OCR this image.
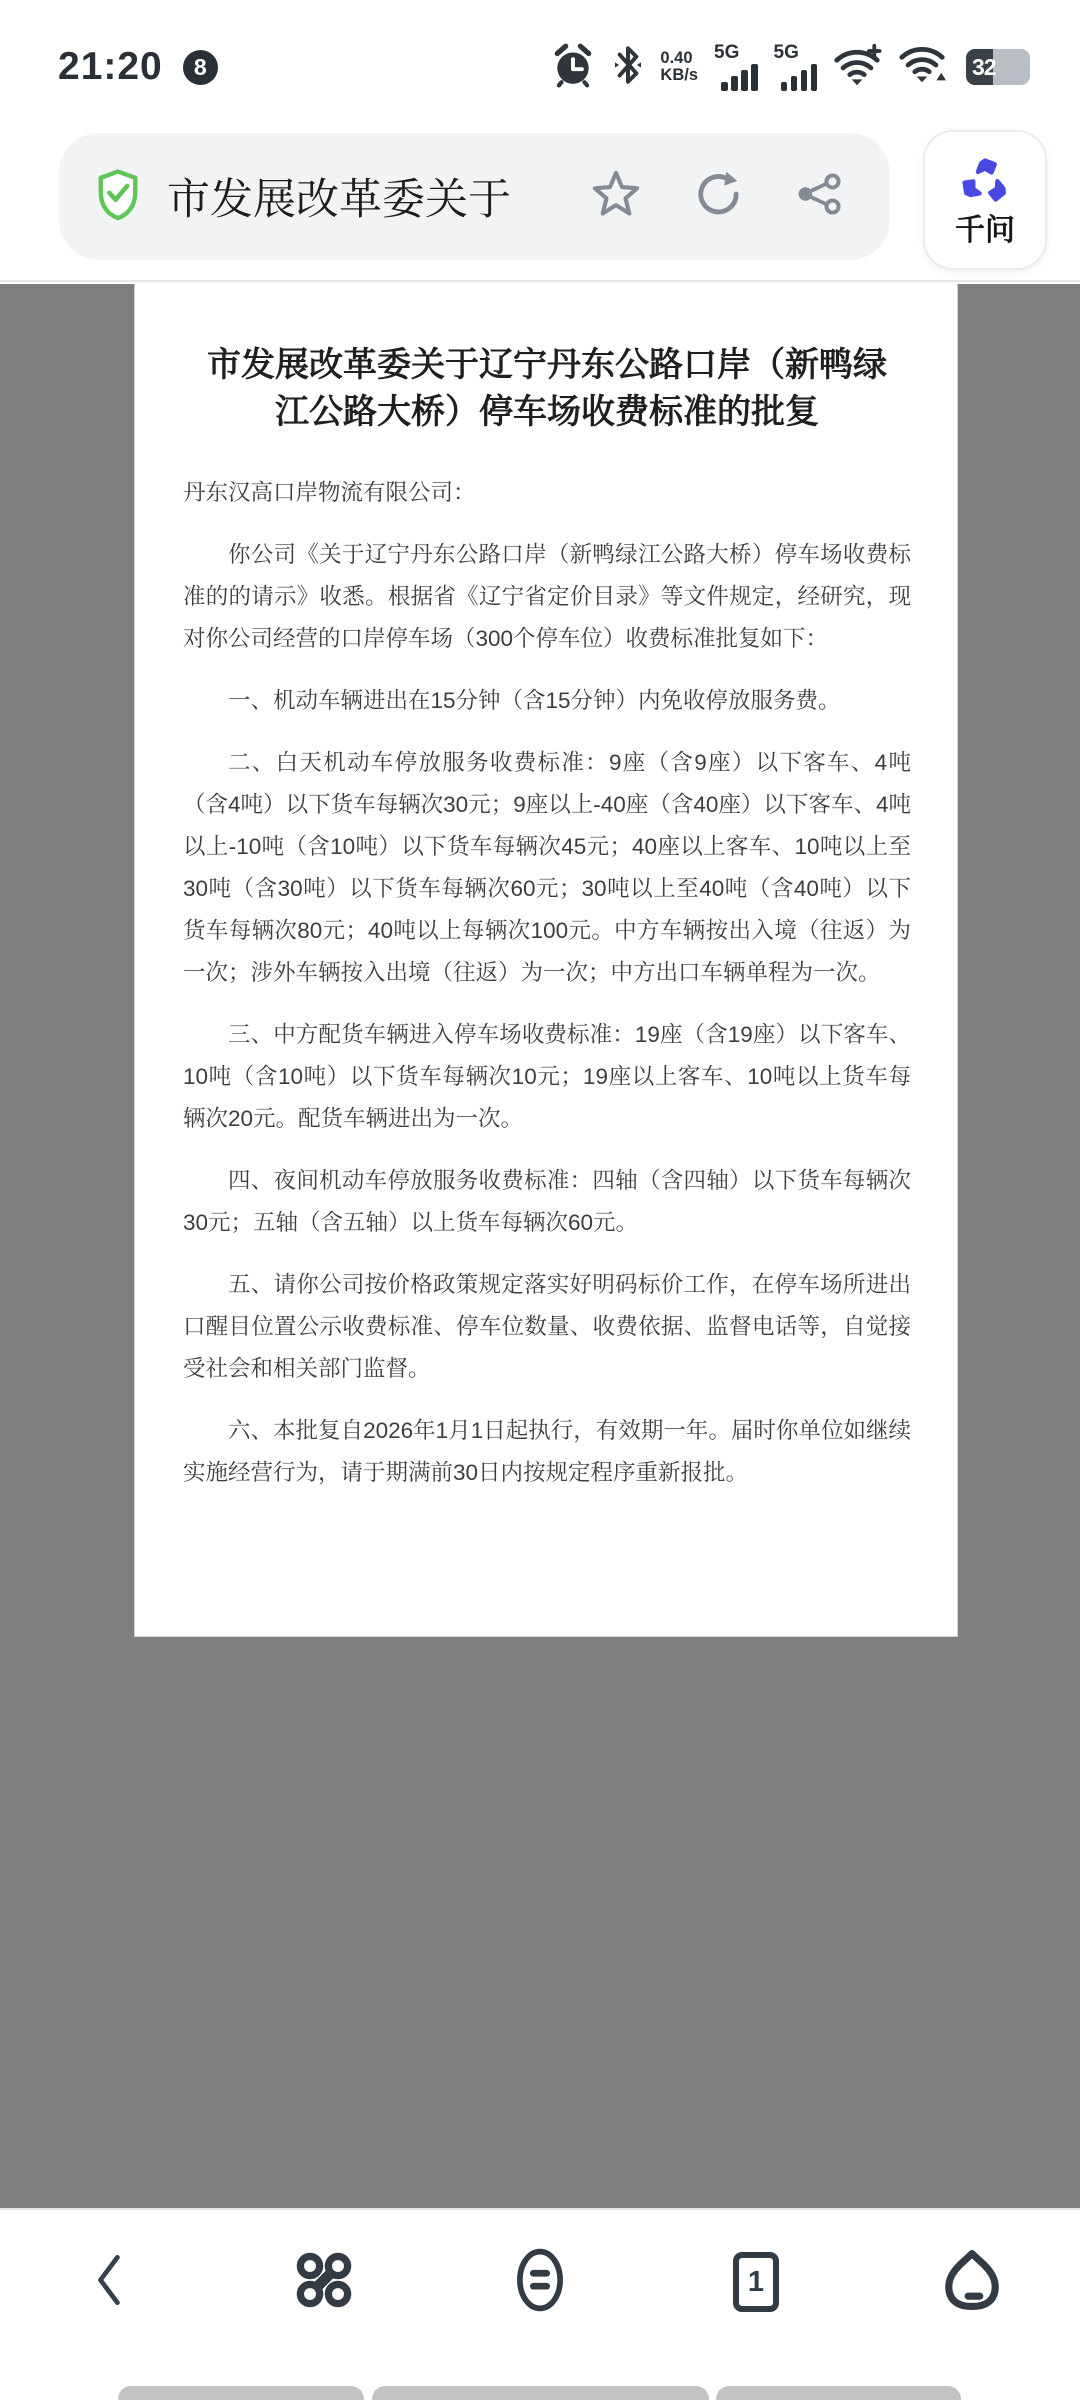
21:20	8	0.40
KB/s
5G 5G
32
市发展改革委关于
千问
市发展改革委关于辽宁丹东公路口岸（新鸭绿江公路大桥）停车场收费标准的批复

丹东汉高口岸物流有限公司：

你公司《关于辽宁丹东公路口岸（新鸭绿江公路大桥）停车场收费标准的的请示》收悉。根据省《辽宁省定价目录》等文件规定，经研究，现对你公司经营的口岸停车场（300个停车位）收费标准批复如下：

一、机动车辆进出在15分钟（含15分钟）内免收停放服务费。

二、白天机动车停放服务收费标准：9座（含9座）以下客车、4吨（含4吨）以下货车每辆次30元；9座以上-40座（含40座）以下客车、4吨以上-10吨（含10吨）以下货车每辆次45元；40座以上客车、10吨以上至30吨（含30吨）以下货车每辆次60元；30吨以上至40吨（含40吨）以下货车每辆次80元；40吨以上每辆次100元。中方车辆按出入境（往返）为一次；涉外车辆按入出境（往返）为一次；中方出口车辆单程为一次。

三、中方配货车辆进入停车场收费标准：19座（含19座）以下客车、10吨（含10吨）以下货车每辆次10元；19座以上客车、10吨以上货车每辆次20元。配货车辆进出为一次。

四、夜间机动车停放服务收费标准：四轴（含四轴）以下货车每辆次30元；五轴（含五轴）以上货车每辆次60元。

五、请你公司按价格政策规定落实好明码标价工作，在停车场所进出口醒目位置公示收费标准、停车位数量、收费依据、监督电话等，自觉接受社会和相关部门监督。

六、本批复自2026年1月1日起执行，有效期一年。届时你单位如继续实施经营行为，请于期满前30日内按规定程序重新报批。

1
